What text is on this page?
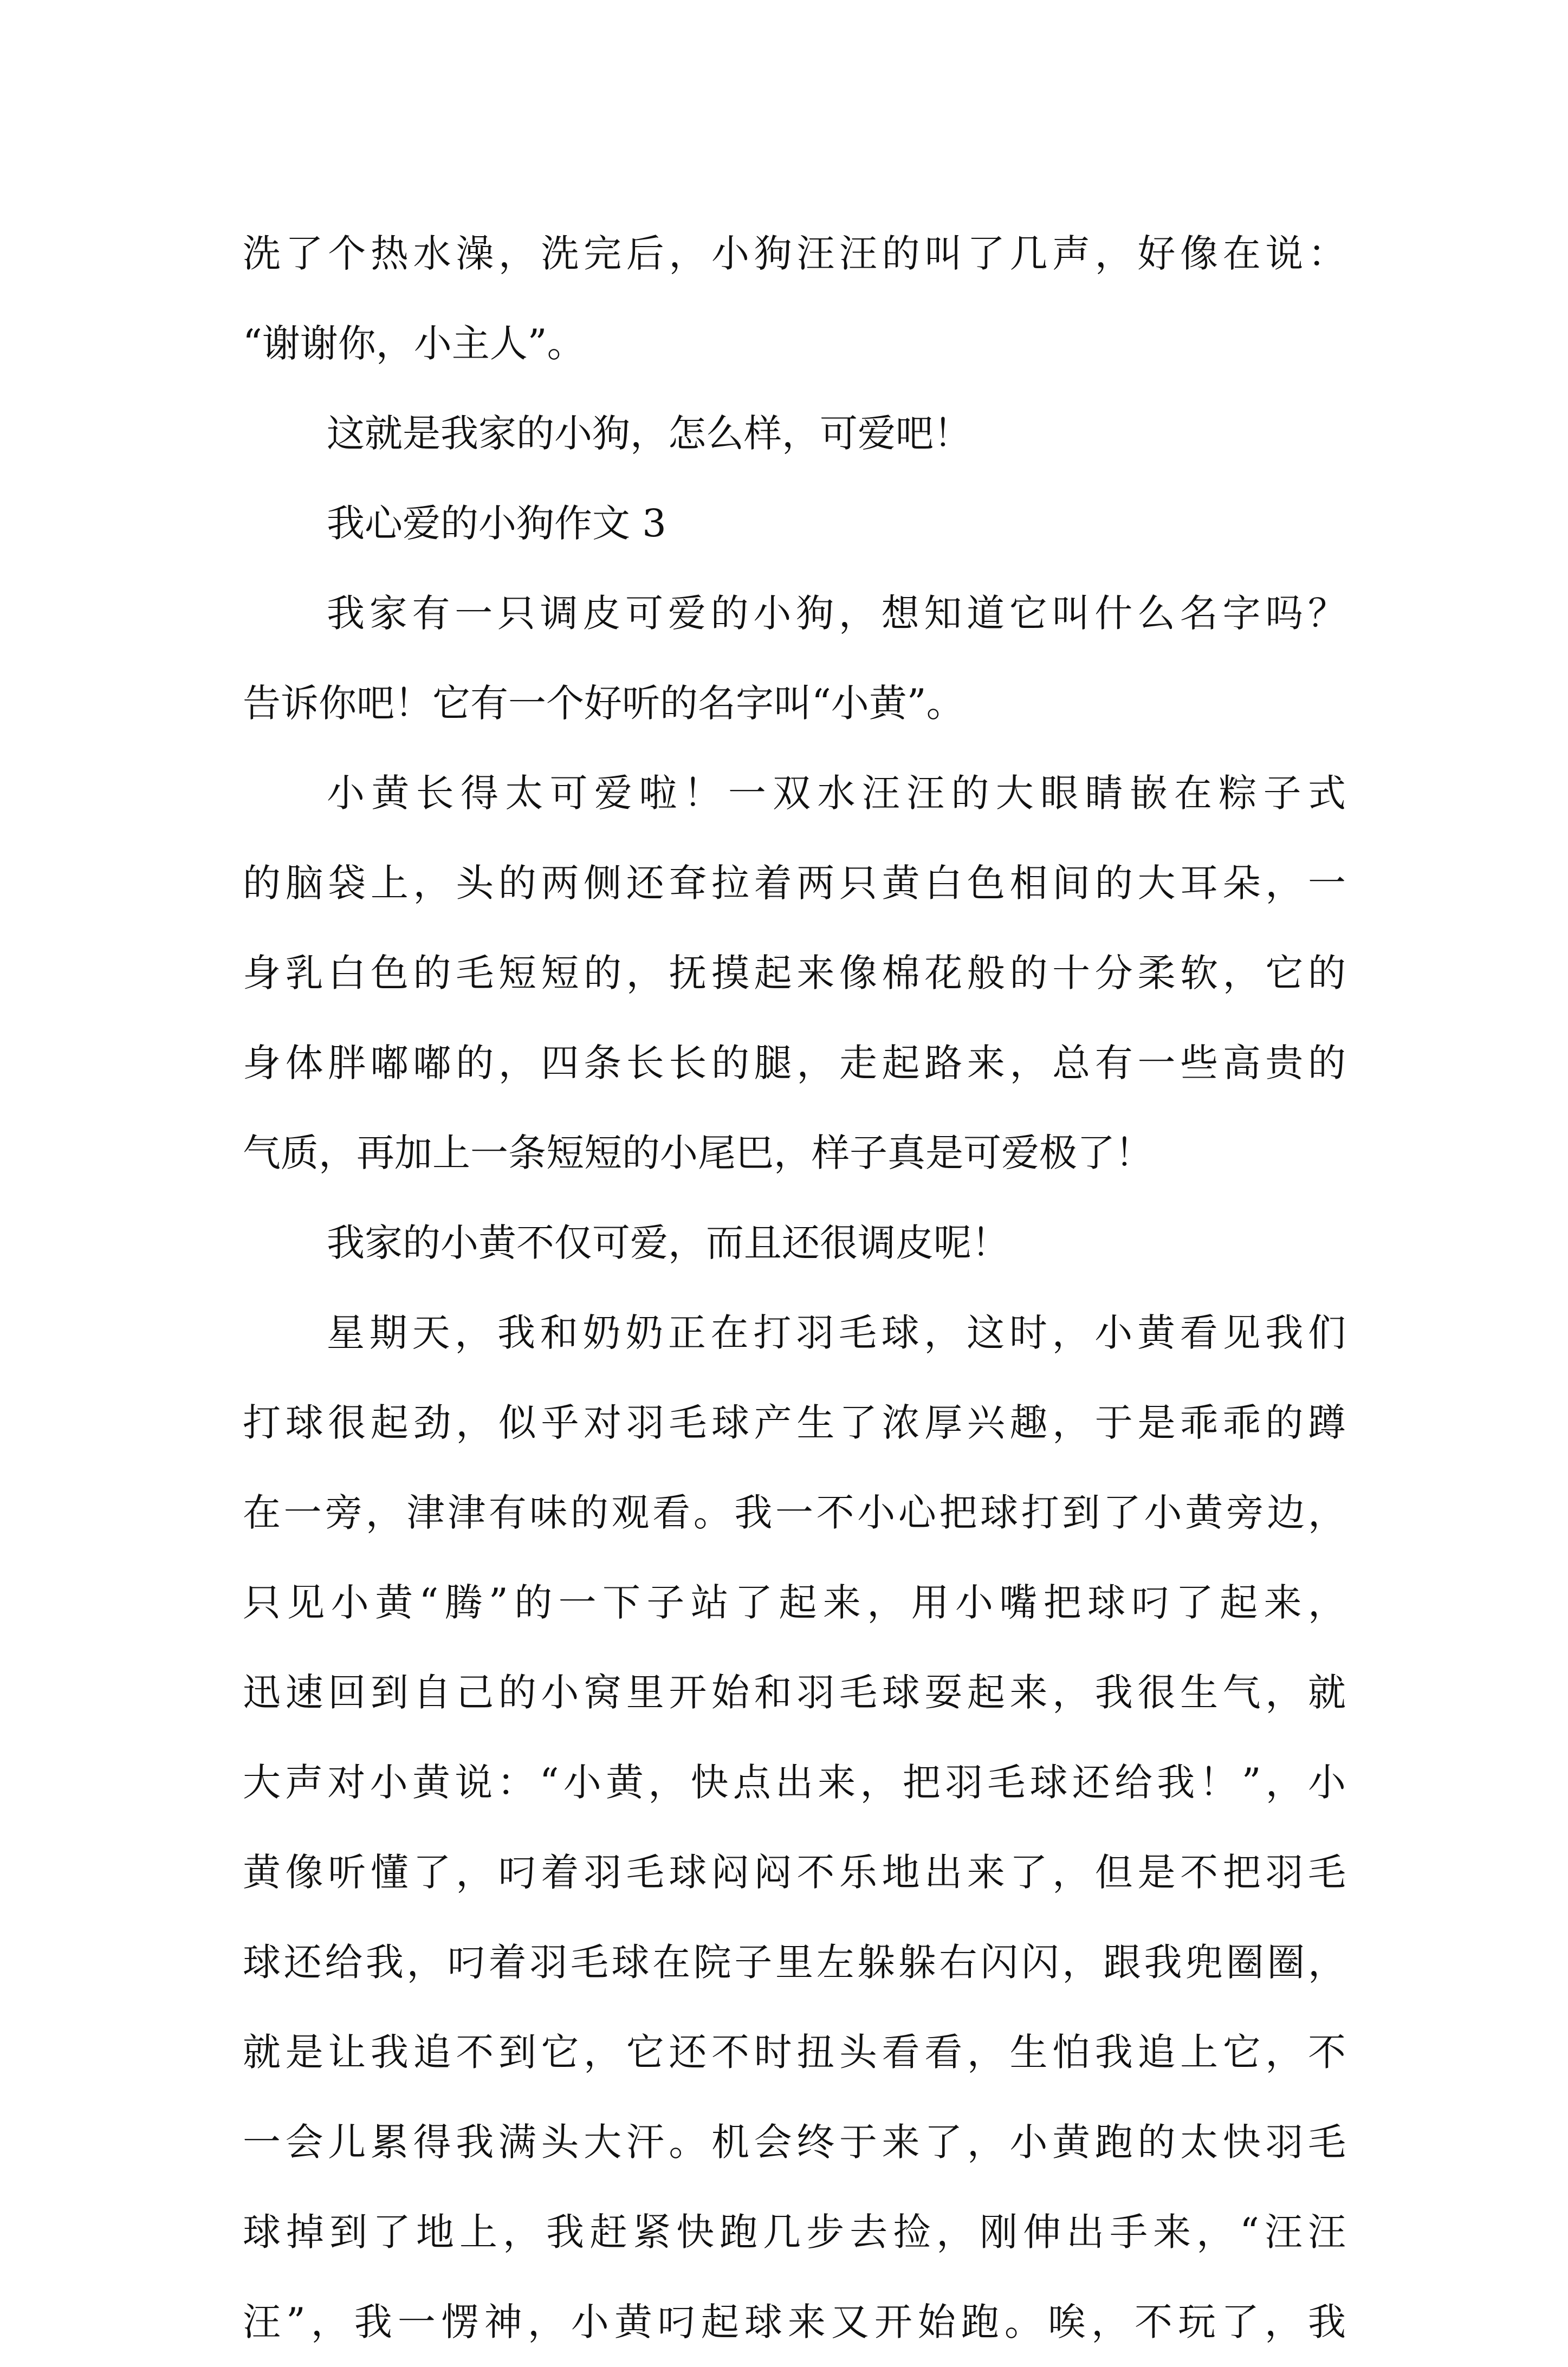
洗了个热水澡，洗完后，小狗汪汪的叫了几声，好像在说：
“谢谢你，小主人”。
这就是我家的小狗，怎么样，可爱吧！
我心爱的小狗作文 3
我家有一只调皮可爱的小狗，想知道它叫什么名字吗？
告诉你吧！它有一个好听的名字叫“小黄”。
小黄长得太可爱啦！一双水汪汪的大眼睛嵌在粽子式
的脑袋上，头的两侧还耷拉着两只黄白色相间的大耳朵，一
身乳白色的毛短短的，抚摸起来像棉花般的十分柔软，它的
身体胖嘟嘟的，四条长长的腿，走起路来，总有一些高贵的
气质，再加上一条短短的小尾巴，样子真是可爱极了！
我家的小黄不仅可爱，而且还很调皮呢！
星期天，我和奶奶正在打羽毛球，这时，小黄看见我们
打球很起劲，似乎对羽毛球产生了浓厚兴趣，于是乖乖的蹲
在一旁，津津有味的观看。我一不小心把球打到了小黄旁边，
只见小黄“腾”的一下子站了起来，用小嘴把球叼了起来，
迅速回到自己的小窝里开始和羽毛球耍起来，我很生气，就
大声对小黄说：“小黄，快点出来，把羽毛球还给我！”，小
黄像听懂了，叼着羽毛球闷闷不乐地出来了，但是不把羽毛
球还给我，叼着羽毛球在院子里左躲躲右闪闪，跟我兜圈圈，
就是让我追不到它，它还不时扭头看看，生怕我追上它，不
一会儿累得我满头大汗。机会终于来了，小黄跑的太快羽毛
球掉到了地上，我赶紧快跑几步去捡，刚伸出手来，“汪汪
汪”，我一愣神，小黄叼起球来又开始跑。唉，不玩了，我
